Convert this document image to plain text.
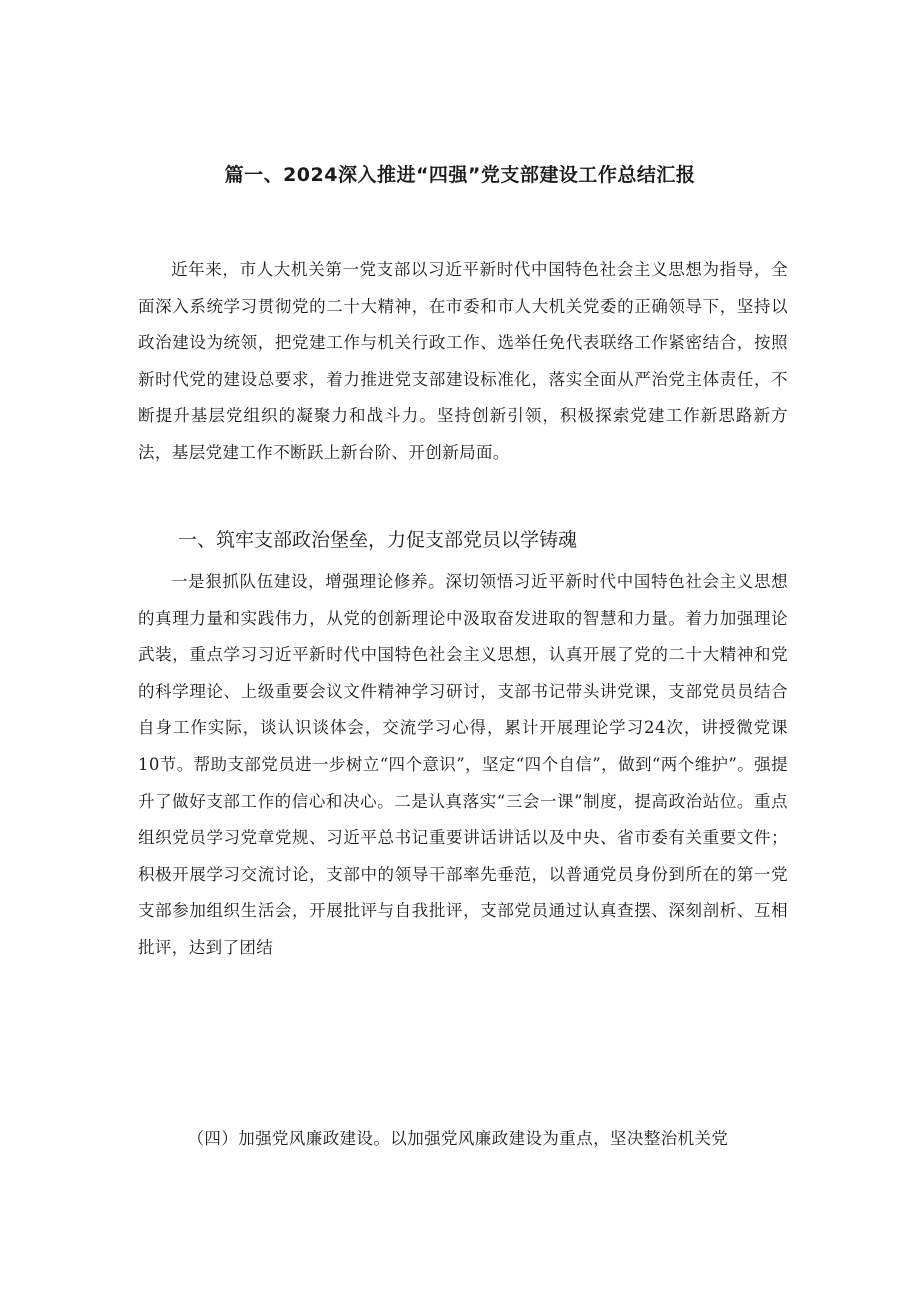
篇一、2024深入推进“四强”党支部建设工作总结汇报

近年来，市人大机关第一党支部以习近平新时代中国特色社会主义思想为指导，全面深入系统学习贯彻党的二十大精神，在市委和市人大机关党委的正确领导下，坚持以政治建设为统领，把党建工作与机关行政工作、选举任免代表联络工作紧密结合，按照新时代党的建设总要求，着力推进党支部建设标准化，落实全面从严治党主体责任，不断提升基层党组织的凝聚力和战斗力。坚持创新引领，积极探索党建工作新思路新方法，基层党建工作不断跃上新台阶、开创新局面。

一、筑牢支部政治堡垒，力促支部党员以学铸魂

一是狠抓队伍建设，增强理论修养。深切领悟习近平新时代中国特色社会主义思想的真理力量和实践伟力，从党的创新理论中汲取奋发进取的智慧和力量。着力加强理论武装，重点学习习近平新时代中国特色社会主义思想，认真开展了党的二十大精神和党的科学理论、上级重要会议文件精神学习研讨，支部书记带头讲党课，支部党员员结合自身工作实际，谈认识谈体会，交流学习心得，累计开展理论学习24次，讲授微党课10节。帮助支部党员进一步树立“四个意识”，坚定“四个自信”，做到“两个维护”。强提升了做好支部工作的信心和决心。二是认真落实“三会一课”制度，提高政治站位。重点组织党员学习党章党规、习近平总书记重要讲话讲话以及中央、省市委有关重要文件；积极开展学习交流讨论，支部中的领导干部率先垂范，以普通党员身份到所在的第一党支部参加组织生活会，开展批评与自我批评，支部党员通过认真查摆、深刻剖析、互相批评，达到了团结

（四）加强党风廉政建设。以加强党风廉政建设为重点，坚决整治机关党
